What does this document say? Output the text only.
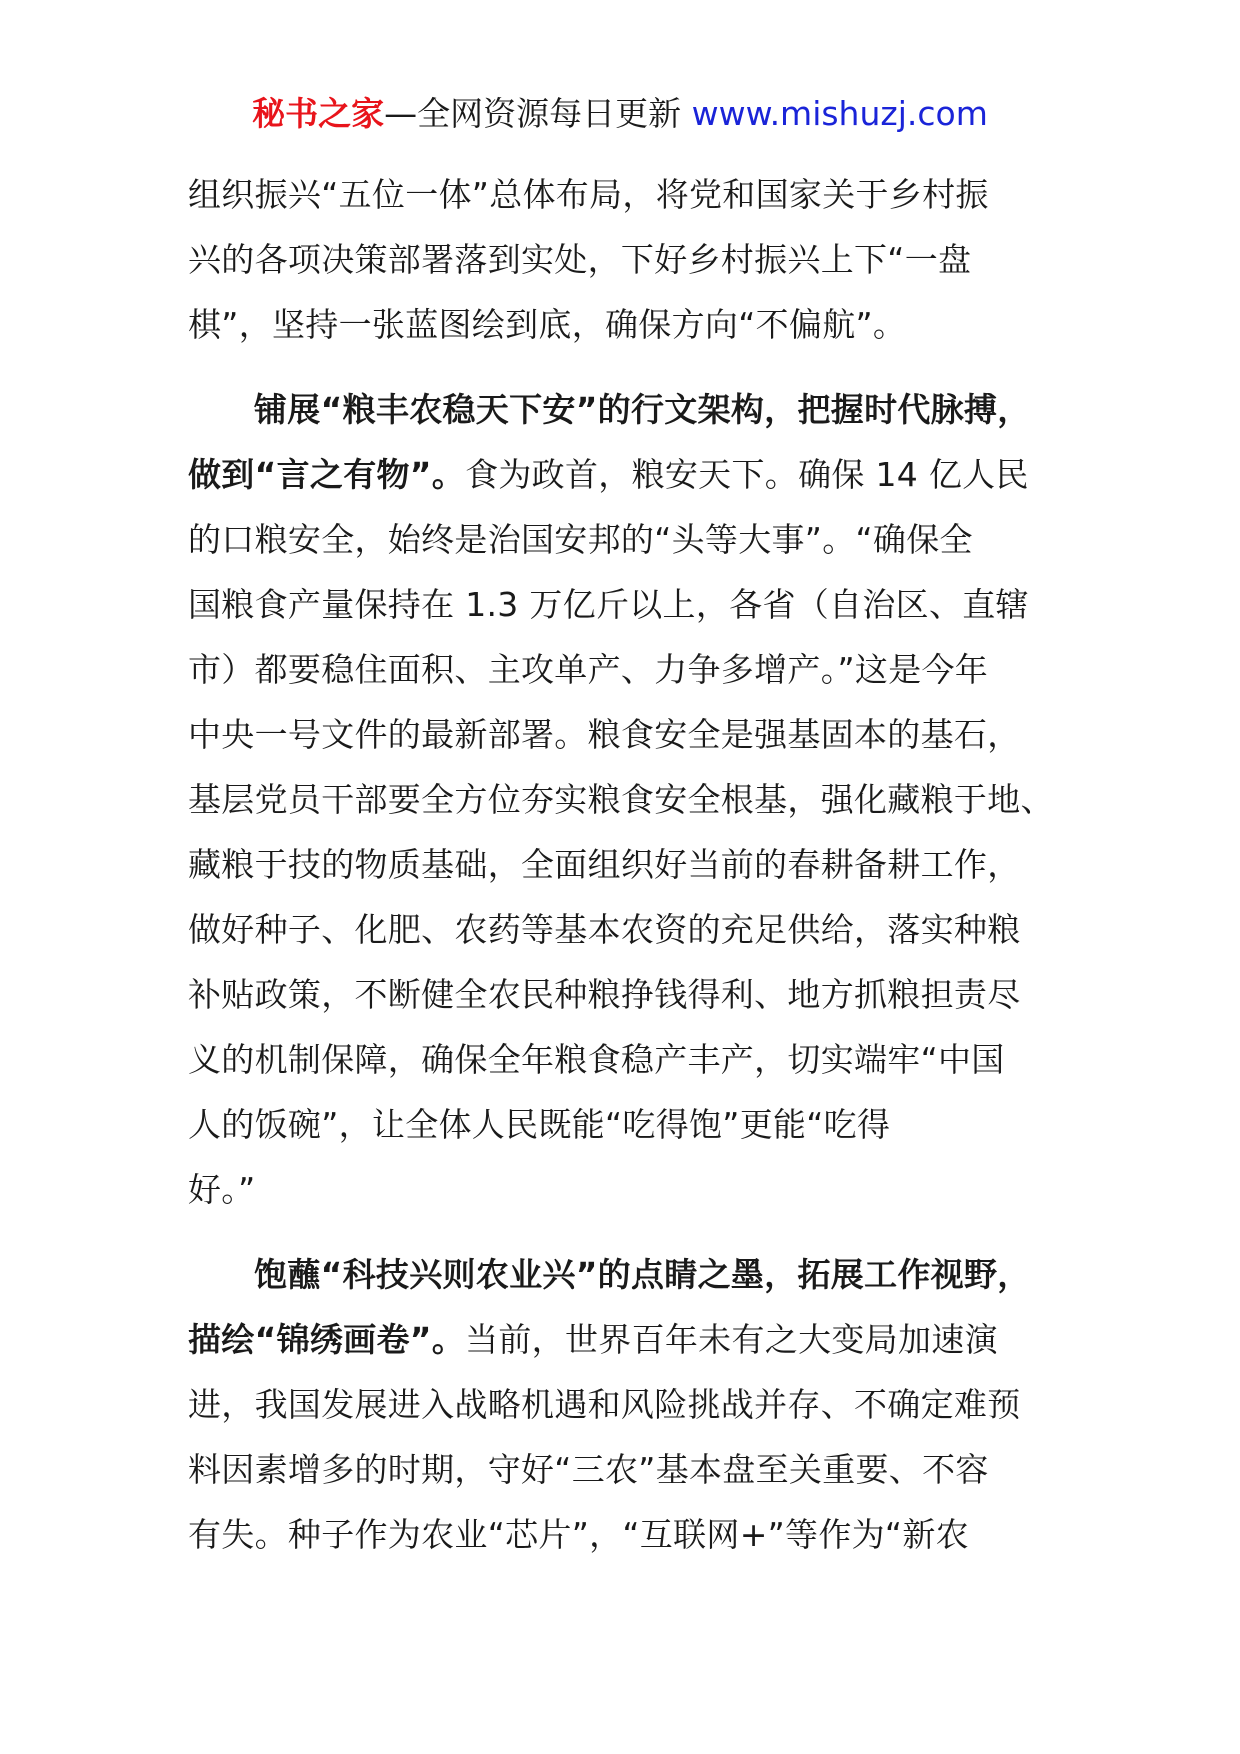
秘书之家—全网资源每日更新 www.mishuzj.com
组织振兴“五位一体”总体布局，将党和国家关于乡村振
兴的各项决策部署落到实处，下好乡村振兴上下“一盘
棋”，坚持一张蓝图绘到底，确保方向“不偏航”。
铺展“粮丰农稳天下安”的行文架构，把握时代脉搏，
做到“言之有物”。食为政首，粮安天下。确保 14 亿人民
的口粮安全，始终是治国安邦的“头等大事”。“确保全
国粮食产量保持在 1.3 万亿斤以上，各省（自治区、直辖
市）都要稳住面积、主攻单产、力争多增产。”这是今年
中央一号文件的最新部署。粮食安全是强基固本的基石，
基层党员干部要全方位夯实粮食安全根基，强化藏粮于地、
藏粮于技的物质基础，全面组织好当前的春耕备耕工作，
做好种子、化肥、农药等基本农资的充足供给，落实种粮
补贴政策，不断健全农民种粮挣钱得利、地方抓粮担责尽
义的机制保障，确保全年粮食稳产丰产，切实端牢“中国
人的饭碗”，让全体人民既能“吃得饱”更能“吃得
好。”
饱蘸“科技兴则农业兴”的点睛之墨，拓展工作视野，
描绘“锦绣画卷”。当前，世界百年未有之大变局加速演
进，我国发展进入战略机遇和风险挑战并存、不确定难预
料因素增多的时期，守好“三农”基本盘至关重要、不容
有失。种子作为农业“芯片”，“互联网+”等作为“新农
